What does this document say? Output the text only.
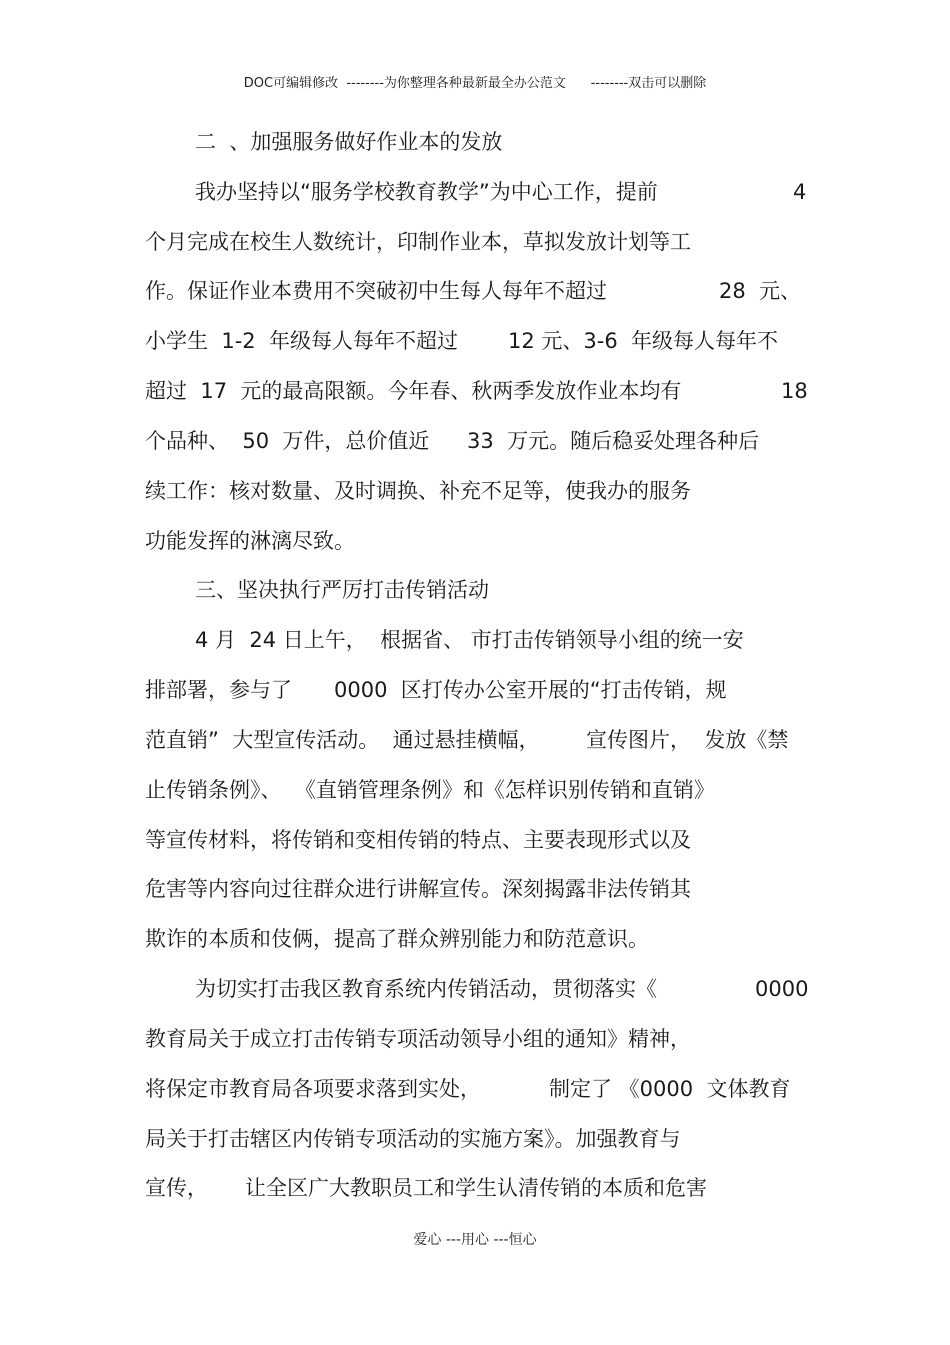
DOC可编辑修改  --------为你整理各种最新最全办公范文      --------双击可以删除
二  、加强服务做好作业本的发放

我办坚持以“服务学校教育教学”为中心工作，提前

	4

个月完成在校生人数统计，印制作业本，草拟发放计划等工

作。保证作业本费用不突破初中生每人每年不超过

	28  元、

小学生  1-2  年级每人每年不超过

12 元、3-6  年级每人每年不

超过  17  元的最高限额。今年春、秋两季发放作业本均有

	18

个品种、  50  万件，总价值近

33  万元。随后稳妥处理各种后

续工作：核对数量、及时调换、补充不足等，使我办的服务
功能发挥的淋漓尽致。
三、坚决执行严厉打击传销活动
4 月  24 日上午，  根据省、 市打击传销领导小组的统一安

排部署，参与了

0000  区打传办公室开展的“打击传销，规

范直销”  大型宣传活动。  通过悬挂横幅，

宣传图片，  发放《禁

止传销条例》、  《直销管理条例》和《怎样识别传销和直销》
等宣传材料，将传销和变相传销的特点、主要表现形式以及
危害等内容向过往群众进行讲解宣传。深刻揭露非法传销其
欺诈的本质和伎俩，提高了群众辨别能力和防范意识。

为切实打击我区教育系统内传销活动，贯彻落实《

	0000

教育局关于成立打击传销专项活动领导小组的通知》精神，

将保定市教育局各项要求落到实处，

	制定了 《0000  文体教育

局关于打击辖区内传销专项活动的实施方案》。加强教育与

宣传，

让全区广大教职员工和学生认清传销的本质和危害

爱心 ---用心 ---恒心
